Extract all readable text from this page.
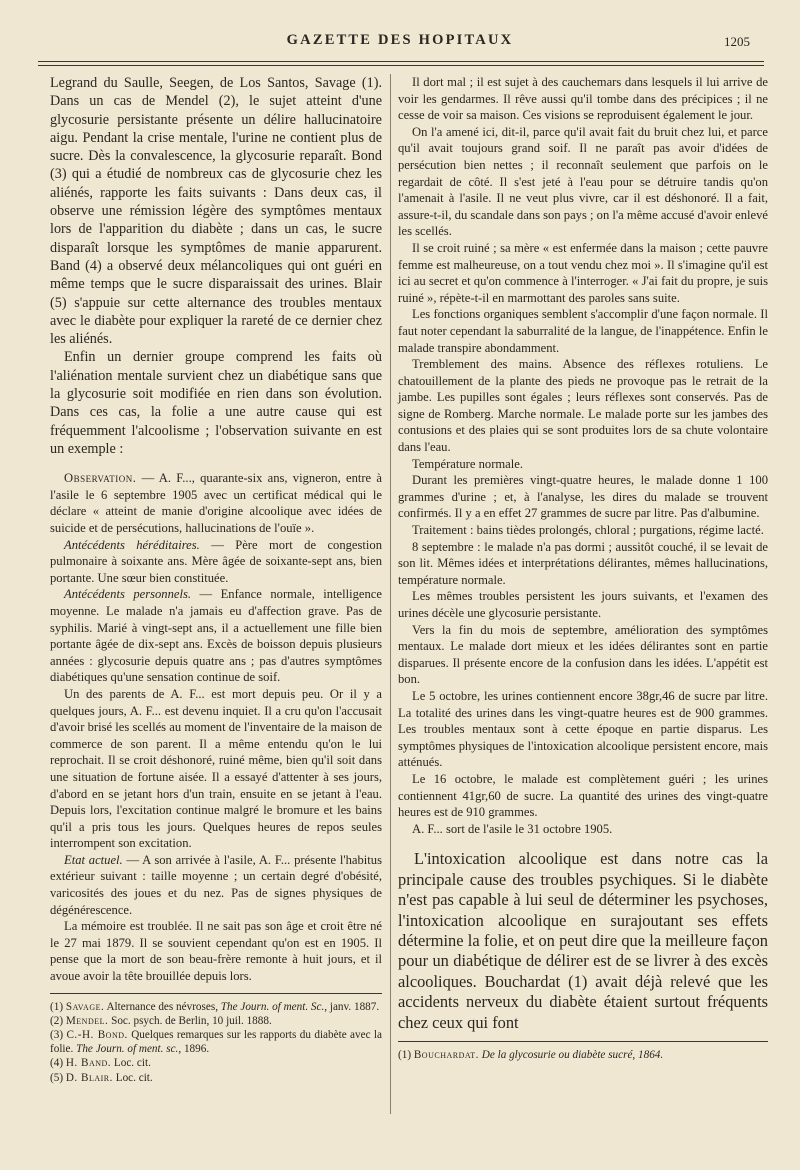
GAZETTE DES HOPITAUX	1205

Legrand du Saulle, Seegen, de Los Santos, Savage (1). Dans un cas de Mendel (2), le sujet atteint d'une glycosurie persistante présente un délire hallucinatoire aigu. Pendant la crise mentale, l'urine ne contient plus de sucre. Dès la convalescence, la glycosurie reparaît. Bond (3) qui a étudié de nombreux cas de glycosurie chez les aliénés, rapporte les faits suivants : Dans deux cas, il observe une rémission légère des symptômes mentaux lors de l'apparition du diabète ; dans un cas, le sucre disparaît lorsque les symptômes de manie apparurent. Band (4) a observé deux mélancoliques qui ont guéri en même temps que le sucre disparaissait des urines. Blair (5) s'appuie sur cette alternance des troubles mentaux avec le diabète pour expliquer la rareté de ce dernier chez les aliénés.

Enfin un dernier groupe comprend les faits où l'aliénation mentale survient chez un diabétique sans que la glycosurie soit modifiée en rien dans son évolution. Dans ces cas, la folie a une autre cause qui est fréquemment l'alcoolisme ; l'observation suivante en est un exemple :

Observation. — A. F..., quarante-six ans, vigneron, entre à l'asile le 6 septembre 1905 avec un certificat médical qui le déclare « atteint de manie d'origine alcoolique avec idées de suicide et de persécutions, hallucinations de l'ouïe ».

Antécédents héréditaires. — Père mort de congestion pulmonaire à soixante ans. Mère âgée de soixante-sept ans, bien portante. Une sœur bien constituée.

Antécédents personnels. — Enfance normale, intelligence moyenne. Le malade n'a jamais eu d'affection grave. Pas de syphilis. Marié à vingt-sept ans, il a actuellement une fille bien portante âgée de dix-sept ans. Excès de boisson depuis plusieurs années : glycosurie depuis quatre ans ; pas d'autres symptômes diabétiques qu'une sensation continue de soif.

Un des parents de A. F... est mort depuis peu. Or il y a quelques jours, A. F... est devenu inquiet. Il a cru qu'on l'accusait d'avoir brisé les scellés au moment de l'inventaire de la maison de commerce de son parent. Il a même entendu qu'on le lui reprochait. Il se croit déshonoré, ruiné même, bien qu'il soit dans une situation de fortune aisée. Il a essayé d'attenter à ses jours, d'abord en se jetant hors d'un train, ensuite en se jetant à l'eau. Depuis lors, l'excitation continue malgré le bromure et les bains qu'il a pris tous les jours. Quelques heures de repos seules interrompent son excitation.

Etat actuel. — A son arrivée à l'asile, A. F... présente l'habitus extérieur suivant : taille moyenne ; un certain degré d'obésité, varicosités des joues et du nez. Pas de signes physiques de dégénérescence.

La mémoire est troublée. Il ne sait pas son âge et croit être né le 27 mai 1879. Il se souvient cependant qu'on est en 1905. Il pense que la mort de son beau-frère remonte à huit jours, et il avoue avoir la tête brouillée depuis lors.

(1) Savage. Alternance des névroses, The Journ. of ment. Sc., janv. 1887.

(2) Mendel. Soc. psych. de Berlin, 10 juil. 1888.

(3) C.-H. Bond. Quelques remarques sur les rapports du diabète avec la folie. The Journ. of ment. sc., 1896.

(4) H. Band. Loc. cit.

(5) D. Blair. Loc. cit.

Il dort mal ; il est sujet à des cauchemars dans lesquels il lui arrive de voir les gendarmes. Il rêve aussi qu'il tombe dans des précipices ; il ne cesse de voir sa maison. Ces visions se reproduisent également le jour.

On l'a amené ici, dit-il, parce qu'il avait fait du bruit chez lui, et parce qu'il avait toujours grand soif. Il ne paraît pas avoir d'idées de persécution bien nettes ; il reconnaît seulement que parfois on le regardait de côté. Il s'est jeté à l'eau pour se détruire tandis qu'on l'amenait à l'asile. Il ne veut plus vivre, car il est déshonoré. Il a fait, assure-t-il, du scandale dans son pays ; on l'a même accusé d'avoir enlevé les scellés.

Il se croit ruiné ; sa mère « est enfermée dans la maison ; cette pauvre femme est malheureuse, on a tout vendu chez moi ». Il s'imagine qu'il est ici au secret et qu'on commence à l'interroger. « J'ai fait du propre, je suis ruiné », répète-t-il en marmottant des paroles sans suite.

Les fonctions organiques semblent s'accomplir d'une façon normale. Il faut noter cependant la saburralité de la langue, de l'inappétence. Enfin le malade transpire abondamment.

Tremblement des mains. Absence des réflexes rotuliens. Le chatouillement de la plante des pieds ne provoque pas le retrait de la jambe. Les pupilles sont égales ; leurs réflexes sont conservés. Pas de signe de Romberg. Marche normale. Le malade porte sur les jambes des contusions et des plaies qui se sont produites lors de sa chute volontaire dans l'eau.

Température normale.

Durant les premières vingt-quatre heures, le malade donne 1 100 grammes d'urine ; et, à l'analyse, les dires du malade se trouvent confirmés. Il y a en effet 27 grammes de sucre par litre. Pas d'albumine.

Traitement : bains tièdes prolongés, chloral ; purgations, régime lacté.

8 septembre : le malade n'a pas dormi ; aussitôt couché, il se levait de son lit. Mêmes idées et interprétations délirantes, mêmes hallucinations, température normale.

Les mêmes troubles persistent les jours suivants, et l'examen des urines décèle une glycosurie persistante.

Vers la fin du mois de septembre, amélioration des symptômes mentaux. Le malade dort mieux et les idées délirantes sont en partie disparues. Il présente encore de la confusion dans les idées. L'appétit est bon.

Le 5 octobre, les urines contiennent encore 38gr,46 de sucre par litre. La totalité des urines dans les vingt-quatre heures est de 900 grammes. Les troubles mentaux sont à cette époque en partie disparus. Les symptômes physiques de l'intoxication alcoolique persistent encore, mais atténués.

Le 16 octobre, le malade est complètement guéri ; les urines contiennent 41gr,60 de sucre. La quantité des urines des vingt-quatre heures est de 910 grammes.

A. F... sort de l'asile le 31 octobre 1905.

L'intoxication alcoolique est dans notre cas la principale cause des troubles psychiques. Si le diabète n'est pas capable à lui seul de déterminer les psychoses, l'intoxication alcoolique en surajoutant ses effets détermine la folie, et on peut dire que la meilleure façon pour un diabétique de délirer est de se livrer à des excès alcooliques. Bouchardat (1) avait déjà relevé que les accidents nerveux du diabète étaient surtout fréquents chez ceux qui font

(1) Bouchardat. De la glycosurie ou diabète sucré, 1864.
